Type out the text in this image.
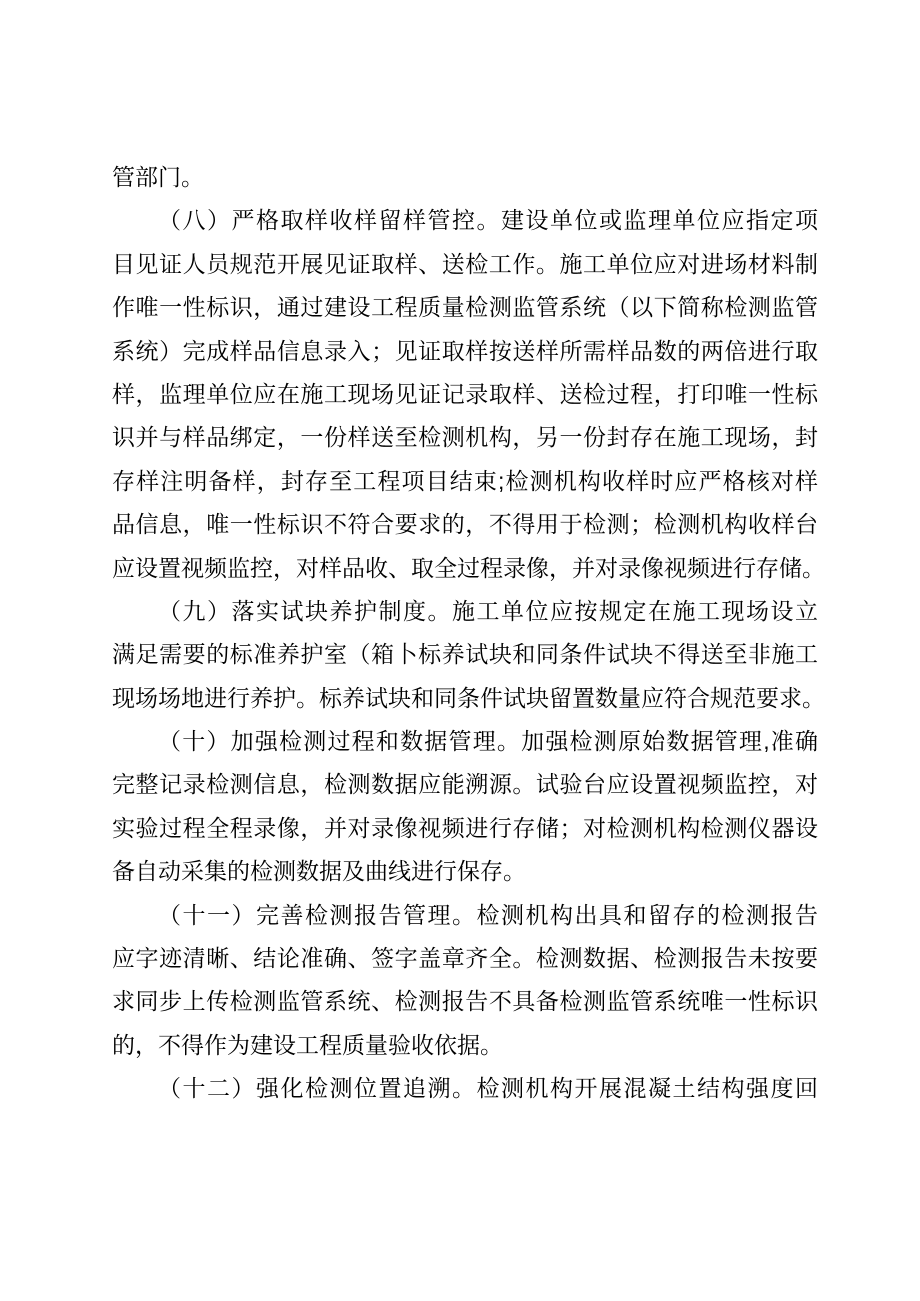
管部门。
（八）严格取样收样留样管控。建设单位或监理单位应指定项
目见证人员规范开展见证取样、送检工作。施工单位应对进场材料制
作唯一性标识，通过建设工程质量检测监管系统（以下简称检测监管
系统）完成样品信息录入；见证取样按送样所需样品数的两倍进行取
样，监理单位应在施工现场见证记录取样、送检过程，打印唯一性标
识并与样品绑定，一份样送至检测机构，另一份封存在施工现场，封
存样注明备样，封存至工程项目结束;检测机构收样时应严格核对样
品信息，唯一性标识不符合要求的，不得用于检测；检测机构收样台
应设置视频监控，对样品收、取全过程录像，并对录像视频进行存储。
（九）落实试块养护制度。施工单位应按规定在施工现场设立
满足需要的标准养护室（箱卜标养试块和同条件试块不得送至非施工
现场场地进行养护。标养试块和同条件试块留置数量应符合规范要求。
（十）加强检测过程和数据管理。加强检测原始数据管理,准确
完整记录检测信息，检测数据应能溯源。试验台应设置视频监控，对
实验过程全程录像，并对录像视频进行存储；对检测机构检测仪器设
备自动采集的检测数据及曲线进行保存。
（十一）完善检测报告管理。检测机构出具和留存的检测报告
应字迹清晰、结论准确、签字盖章齐全。检测数据、检测报告未按要
求同步上传检测监管系统、检测报告不具备检测监管系统唯一性标识
的，不得作为建设工程质量验收依据。
（十二）强化检测位置追溯。检测机构开展混凝土结构强度回
